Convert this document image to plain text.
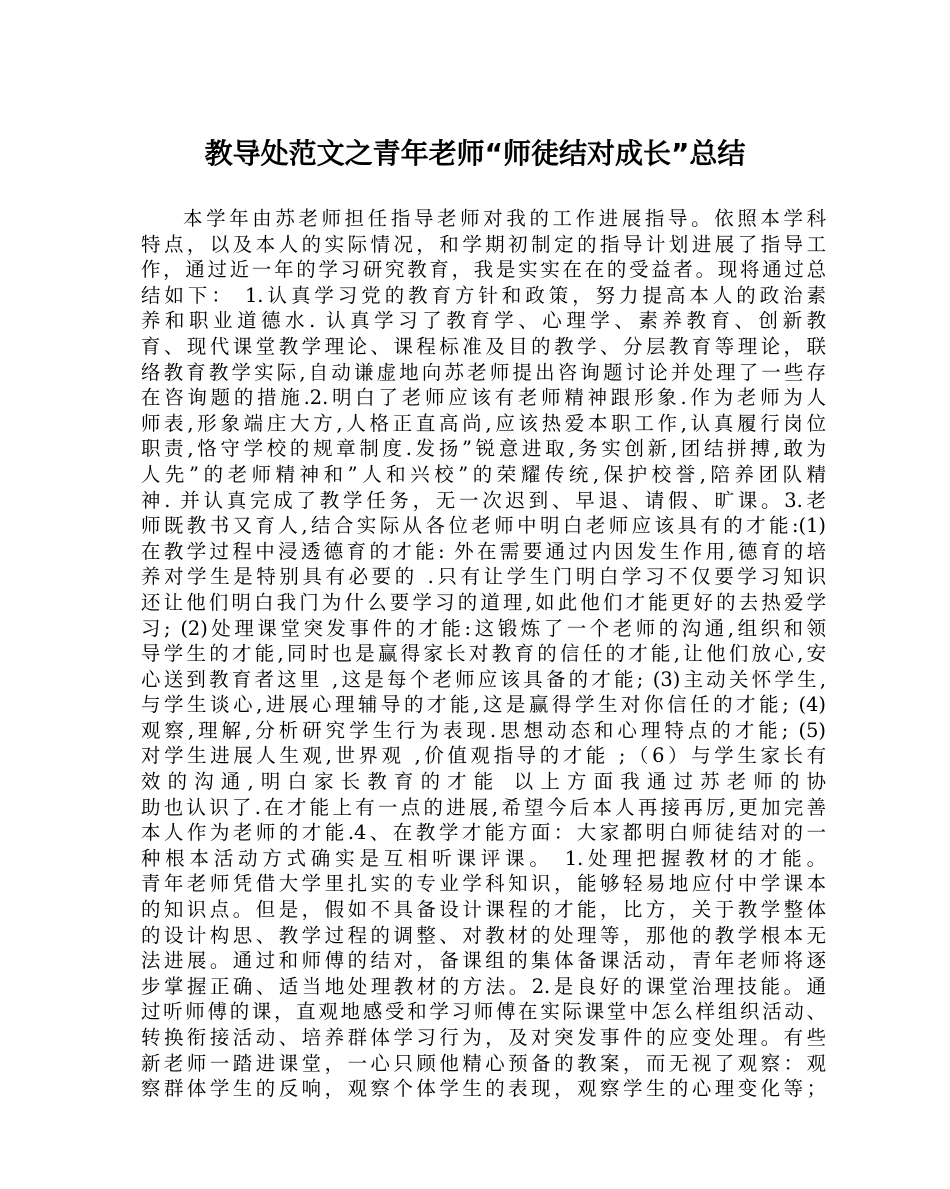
教导处范文之青年老师“师徒结对成长”总结
本学年由苏老师担任指导老师对我的工作进展指导。依照本学科
特点，以及本人的实际情况，和学期初制定的指导计划进展了指导工
作，通过近一年的学习研究教育，我是实实在在的受益者。现将通过总
结如下： 1.认真学习党的教育方针和政策，努力提高本人的政治素
养和职业道德水. 认真学习了教育学、心理学、素养教育、创新教
育、现代课堂教学理论、课程标准及目的教学、分层教育等理论，联
络教育教学实际,自动谦虚地向苏老师提出咨询题讨论并处理了一些存
在咨询题的措施.2.明白了老师应该有老师精神跟形象.作为老师为人
师表,形象端庄大方,人格正直高尚,应该热爱本职工作,认真履行岗位
职责,恪守学校的规章制度.发扬”锐意进取,务实创新,团结拼搏,敢为
人先”的老师精神和”人和兴校”的荣耀传统,保护校誉,陪养团队精
神. 并认真完成了教学任务，无一次迟到、早退、请假、旷课。3.老
师既教书又育人,结合实际从各位老师中明白老师应该具有的才能:(1)
在教学过程中浸透德育的才能: 外在需要通过内因发生作用,德育的培
养对学生是特别具有必要的 .只有让学生门明白学习不仅要学习知识
还让他们明白我门为什么要学习的道理,如此他们才能更好的去热爱学
习; (2)处理课堂突发事件的才能:这锻炼了一个老师的沟通,组织和领
导学生的才能,同时也是赢得家长对教育的信任的才能,让他们放心,安
心送到教育者这里 ,这是每个老师应该具备的才能; (3)主动关怀学生,
与学生谈心,进展心理辅导的才能,这是赢得学生对你信任的才能; (4)
观察,理解,分析研究学生行为表现.思想动态和心理特点的才能; (5)
对学生进展人生观,世界观 ,价值观指导的才能 ;（6）与学生家长有
效的沟通,明白家长教育的才能 以上方面我通过苏老师的协
助也认识了.在才能上有一点的进展,希望今后本人再接再厉,更加完善
本人作为老师的才能.4、在教学才能方面：大家都明白师徒结对的一
种根本活动方式确实是互相听课评课。 1.处理把握教材的才能。
青年老师凭借大学里扎实的专业学科知识，能够轻易地应付中学课本
的知识点。但是，假如不具备设计课程的才能，比方，关于教学整体
的设计构思、教学过程的调整、对教材的处理等，那他的教学根本无
法进展。通过和师傅的结对，备课组的集体备课活动，青年老师将逐
步掌握正确、适当地处理教材的方法。2.是良好的课堂治理技能。通
过听师傅的课，直观地感受和学习师傅在实际课堂中怎么样组织活动、
转换衔接活动、培养群体学习行为，及对突发事件的应变处理。有些
新老师一踏进课堂，一心只顾他精心预备的教案，而无视了观察：观
察群体学生的反响，观察个体学生的表现，观察学生的心理变化等；
